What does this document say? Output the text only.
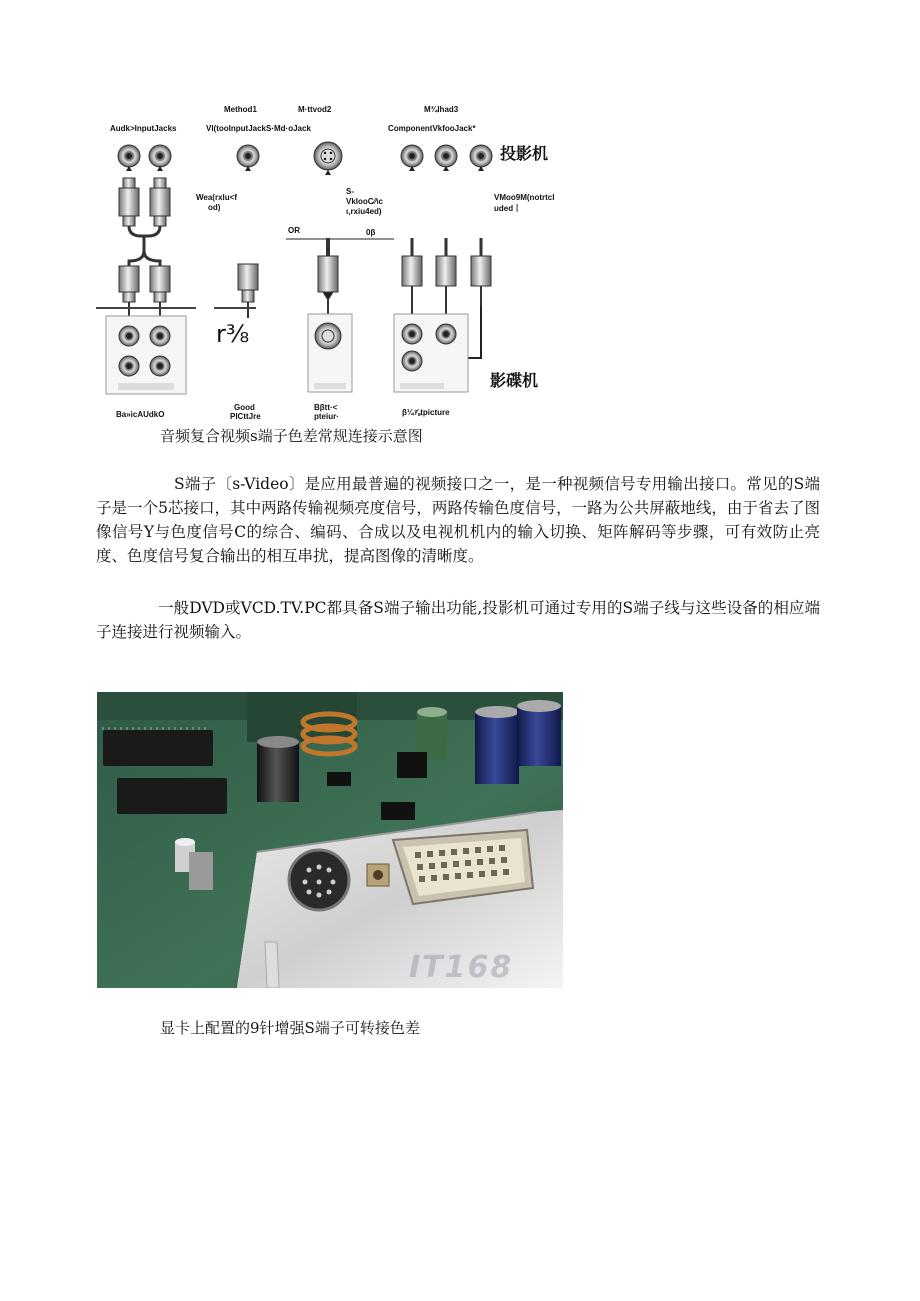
Method1	M·ttvod2	M¾lhad3
Audk>InputJacks	Vl(tooInputJackS·Md·oJack	ComponentVkfooJack*
投影机
Wea(rxlu<f
od)
S-
VkIooC⁄∕\c
ι,rxiu4ed)
VMoo9M(notrtcl
uded丨
OR	0β
r⅜
影碟机
Ba»icAUdkO
Good
PlCttJre
Bβtt·<
pteiur·	β¼⅞tpicture
音频复合视频s端子色差常规连接示意图
S端子〔s-Video〕是应用最普遍的视频接口之一，是一种视频信号专用输出接口。常见的S端子是一个5芯接口，其中两路传输视频亮度信号，两路传输色度信号，一路为公共屏蔽地线，由于省去了图像信号Y与色度信号C的综合、编码、合成以及电视机机内的输入切换、矩阵解码等步骤，可有效防止亮度、色度信号复合输出的相互串扰，提高图像的清晰度。
一般DVD或VCD.TV.PC都具备S端子输出功能,投影机可通过专用的S端子线与这些设备的相应端子连接进行视频输入。
IT168
显卡上配置的9针增强S端子可转接色差
